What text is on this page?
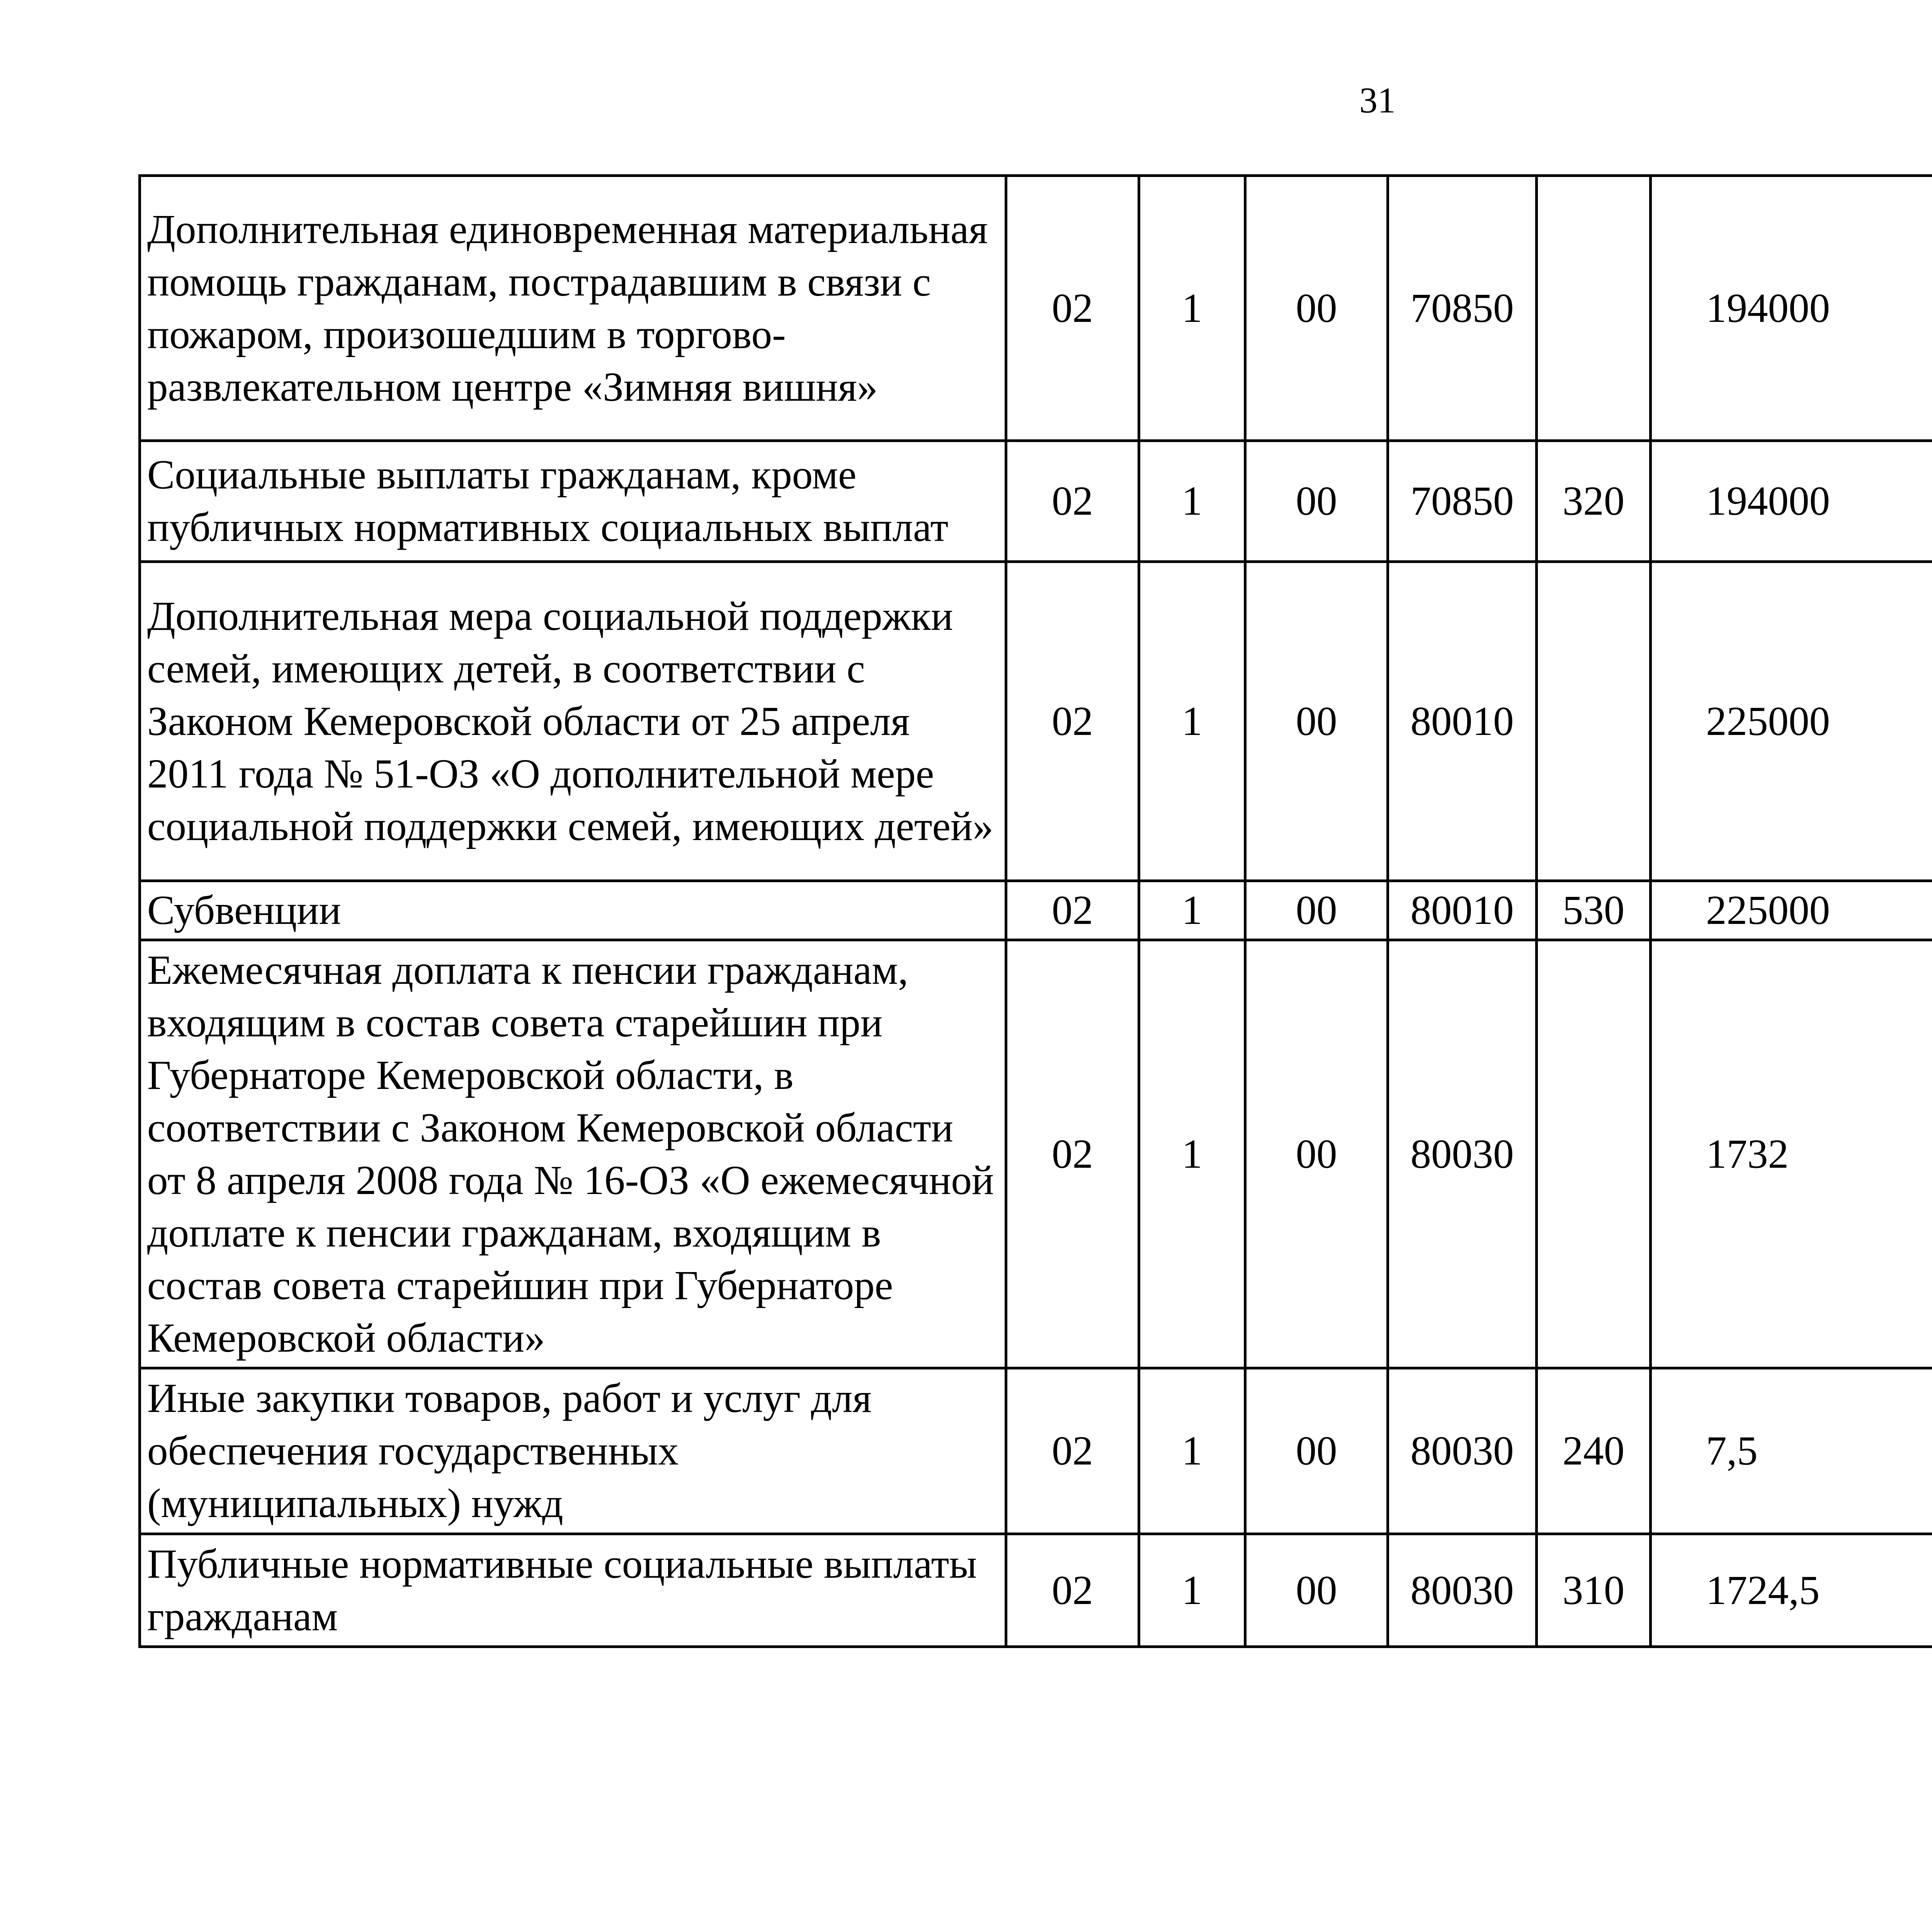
31
Дополнительная единовременная материальная помощь гражданам, пострадавшим в связи с пожаром, произошедшим в торгово-развлекательном центре «Зимняя вишня»	02	1	00	70850		194000		
Социальные выплаты гражданам, кроме публичных нормативных социальных выплат	02	1	00	70850	320	194000		
Дополнительная мера социальной поддержки семей, имеющих детей, в соответствии с Законом Кемеровской области от 25 апреля 2011 года № 51-ОЗ «О дополнительной мере социальной поддержки семей, имеющих детей»	02	1	00	80010		225000		
Субвенции	02	1	00	80010	530	225000		
Ежемесячная доплата к пенсии гражданам, входящим в состав совета старейшин при Губернаторе Кемеровской области, в соответствии с Законом Кемеровской области от 8 апреля 2008 года № 16-ОЗ «О ежемесячной доплате к пенсии гражданам, входящим в состав совета старейшин при Губернаторе Кемеровской области»	02	1	00	80030		1732		
Иные закупки товаров, работ и услуг для обеспечения государственных (муниципальных) нужд	02	1	00	80030	240	7,5		
Публичные нормативные социальные выплаты гражданам	02	1	00	80030	310	1724,5		
